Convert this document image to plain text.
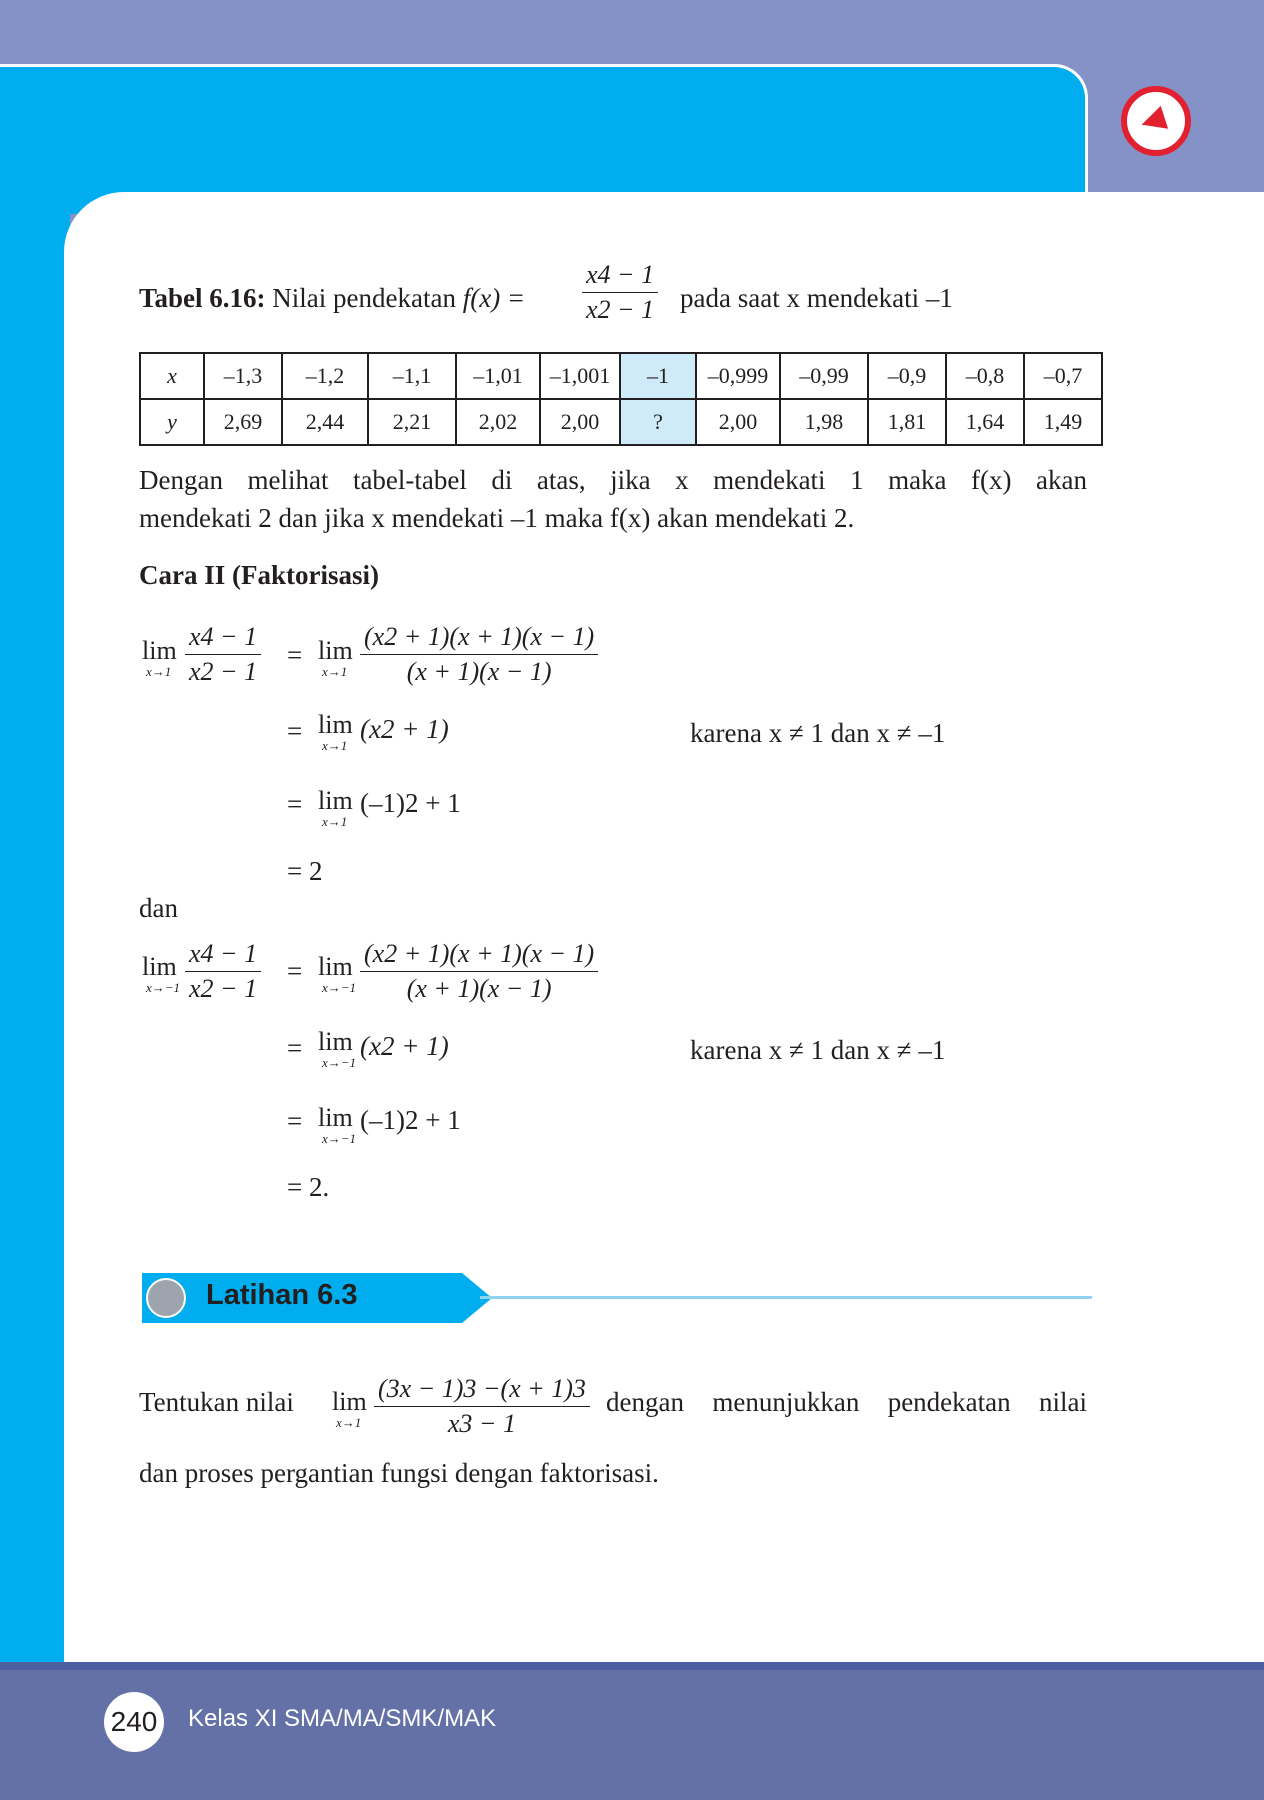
Tabel 6.16: Nilai pendekatan $f(x) = \frac{x4 - 1}{x2 - 1}$ pada saat x mendekati –1
x	–1,3	–1,2	–1,1	–1,01	–1,001	–1	–0,999	–0,99	–0,9	–0,8	–0,7
y	2,69	2,44	2,21	2,02	2,00	?	2,00	1,98	1,81	1,64	1,49
Dengan melihat tabel-tabel di atas, jika x mendekati 1 maka f(x) akan
mendekati 2 dan jika x mendekati –1 maka f(x) akan mendekati 2.
Cara II (Faktorisasi)
lim
$x\to 1 \frac{x4 - 1}{x2 - 1} = \lim$
$x\to 1 \frac{(x2 + 1)(x + 1)(x - 1)}{(x + 1)(x - 1)}$
= lim
x→1
(x2 + 1)	karena x ≠ 1 dan x ≠ –1
= lim
x→1
(–1)2 + 1
= 2
dan
lim
$x\to-1 \frac{x4 - 1}{x2 - 1} = \lim$
$x\to-1 \frac{(x2 + 1)(x + 1)(x - 1)}{(x + 1)(x - 1)}$
= lim
x→−1
(x2 + 1)	karena x ≠ 1 dan x ≠ –1
= lim
x→−1
(–1)2 + 1
= 2.
Latihan 6.3
Tentukan nilai lim
$x\to 1 \frac{(3x - 1)3 -(x + 1)3}{x3 - 1}$ dengan menunjukkan pendekatan nilai
dan proses pergantian fungsi dengan faktorisasi.
240 Kelas XI SMA/MA/SMK/MAK
